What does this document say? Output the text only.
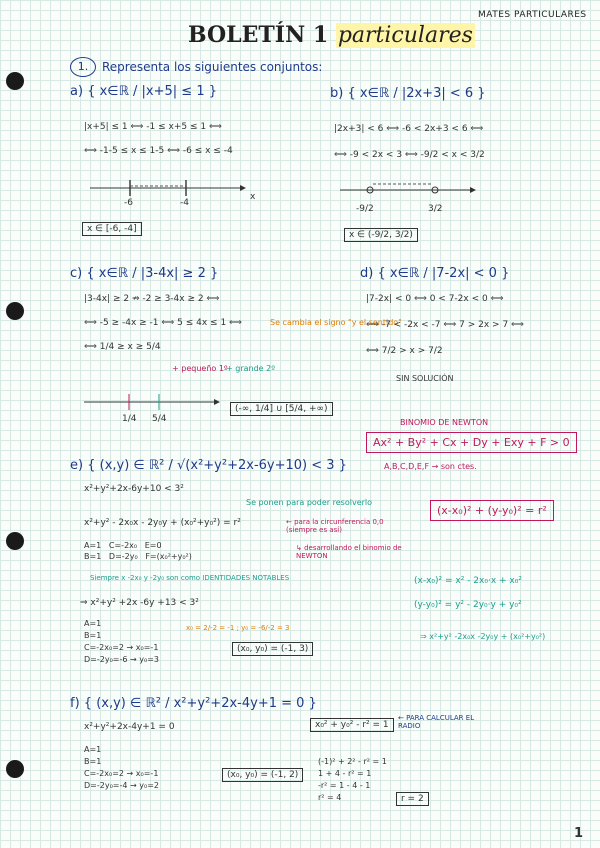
MATES PARTICULARES
BOLETÍN 1 particulares
1.	Representa los siguientes conjuntos:
a) { x∈ℝ / |x+5| ≤ 1 }
|x+5| ≤ 1 ⟺ -1 ≤ x+5 ≤ 1 ⟺
⟺ -1-5 ≤ x ≤ 1-5 ⟺ -6 ≤ x ≤ -4
-6	-4
x
x ∈ [-6, -4]
b) { x∈ℝ / |2x+3| < 6 }
|2x+3| < 6 ⟺ -6 < 2x+3 < 6 ⟺
⟺ -9 < 2x < 3 ⟺ -9/2 < x < 3/2
-9/2	3/2
x ∈ (-9/2, 3/2)
c) { x∈ℝ / |3-4x| ≥ 2 }
|3-4x| ≥ 2 ⇏ -2 ≥ 3-4x ≥ 2 ⟺
⟺ -5 ≥ -4x ≥ -1 ⟺ 5 ≤ 4x ≤ 1 ⟺
⟺ 1/4 ≥ x ≥ 5/4
Se cambia el signo "y el sentido"
+ pequeño 1º
+ grande 2º
1/4 5/4
(-∞, 1/4] ∪ [5/4, +∞)
d) { x∈ℝ / |7-2x| < 0 }
|7-2x| < 0 ⟺ 0 < 7-2x < 0 ⟺
⟺ -7 < -2x < -7 ⟺ 7 > 2x > 7 ⟺
⟺ 7/2 > x > 7/2
SIN SOLUCIÓN
BINOMIO DE NEWTON
Ax² + By² + Cx + Dy + Exy + F > 0
A,B,C,D,E,F → son ctes.
e) { (x,y) ∈ ℝ² / √(x²+y²+2x-6y+10) < 3 }
x²+y²+2x-6y+10 < 3²
Se ponen para poder resolverlo
x²+y² - 2x₀x - 2y₀y + (x₀²+y₀²) = r²	← para la circunferencia 0,0 (siempre es así)
↳ desarrollando el binomio de NEWTON
(x-x₀)² + (y-y₀)² = r²
A=1   C=-2x₀   E=0
B=1   D=-2y₀   F=(x₀²+y₀²)
Siempre x -2x₀ y -2y₀ son como IDENTIDADES NOTABLES	(x-x₀)² = x² - 2x₀·x + x₀²
(y-y₀)² = y² - 2y₀·y + y₀²
⇒ x²+y² -2x₀x -2y₀y + (x₀²+y₀²)
⇒ x²+y² +2x -6y +13 < 3²
A=1
B=1
C=-2x₀=2 → x₀=-1
D=-2y₀=-6 → y₀=3
x₀ = 2/-2 = -1 ; y₀ = -6/-2 = 3
(x₀, y₀) = (-1, 3)
f) { (x,y) ∈ ℝ² / x²+y²+2x-4y+1 = 0 }
x²+y²+2x-4y+1 = 0
A=1
B=1
C=-2x₀=2 → x₀=-1
D=-2y₀=-4 → y₀=2
(x₀, y₀) = (-1, 2)
x₀² + y₀² - r² = 1
← PARA CALCULAR EL RADIO
(-1)² + 2² - r² = 1
1 + 4 - r² = 1
-r² = 1 - 4 - 1
r² = 4	r = 2
1
